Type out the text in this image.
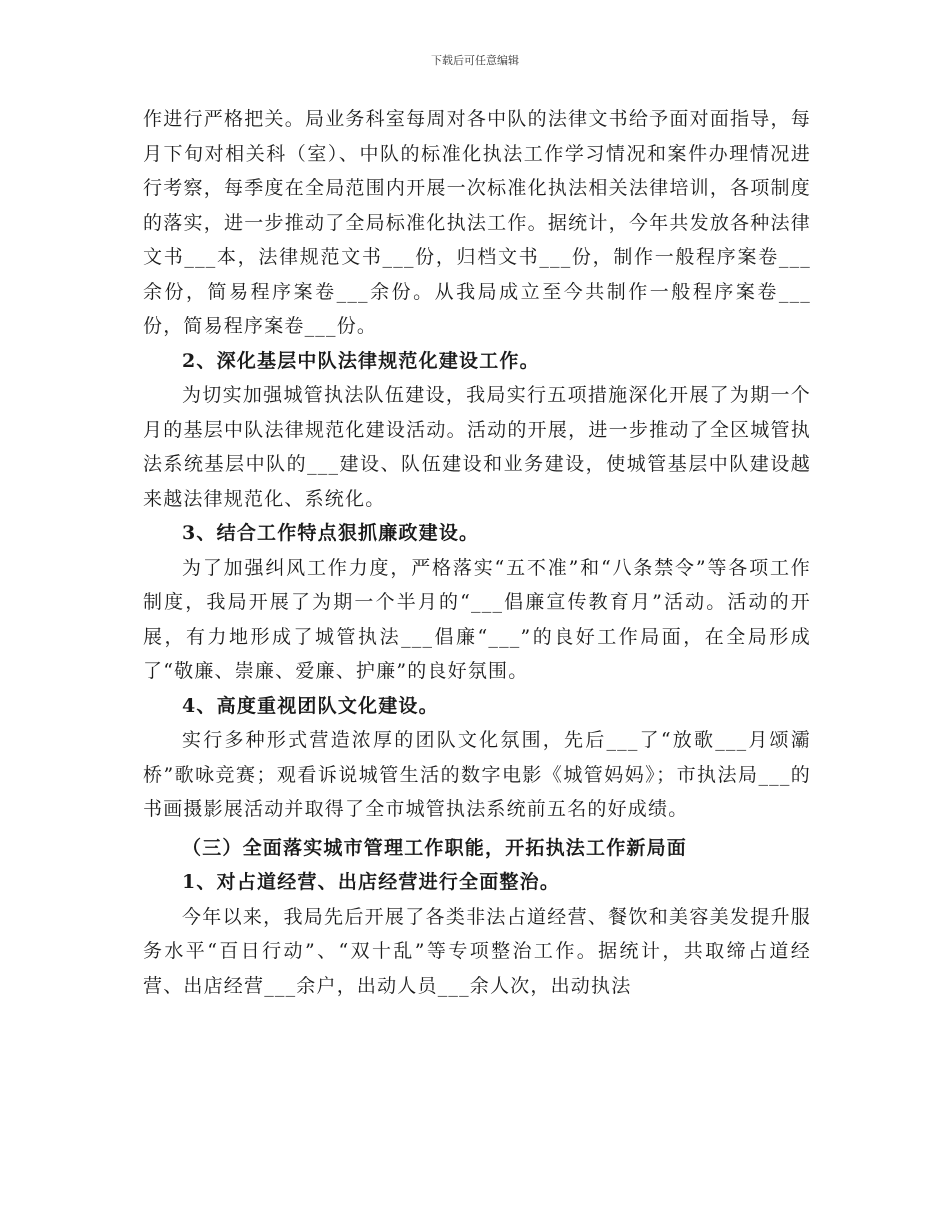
下载后可任意编辑

作进行严格把关。局业务科室每周对各中队的法律文书给予面对面指导，每月下旬对相关科（室）、中队的标准化执法工作学习情况和案件办理情况进行考察，每季度在全局范围内开展一次标准化执法相关法律培训，各项制度的落实，进一步推动了全局标准化执法工作。据统计，今年共发放各种法律文书___本，法律规范文书___份，归档文书___份，制作一般程序案卷___余份，简易程序案卷___余份。从我局成立至今共制作一般程序案卷___份，简易程序案卷___份。

2、深化基层中队法律规范化建设工作。

为切实加强城管执法队伍建设，我局实行五项措施深化开展了为期一个月的基层中队法律规范化建设活动。活动的开展，进一步推动了全区城管执法系统基层中队的___建设、队伍建设和业务建设，使城管基层中队建设越来越法律规范化、系统化。

3、结合工作特点狠抓廉政建设。

为了加强纠风工作力度，严格落实“五不准”和“八条禁令”等各项工作制度，我局开展了为期一个半月的“___倡廉宣传教育月”活动。活动的开展，有力地形成了城管执法___倡廉“___”的良好工作局面，在全局形成了“敬廉、崇廉、爱廉、护廉”的良好氛围。

4、高度重视团队文化建设。

实行多种形式营造浓厚的团队文化氛围，先后___了“放歌___月颂灞桥”歌咏竞赛；观看诉说城管生活的数字电影《城管妈妈》；市执法局___的书画摄影展活动并取得了全市城管执法系统前五名的好成绩。

（三）全面落实城市管理工作职能，开拓执法工作新局面

1、对占道经营、出店经营进行全面整治。

今年以来，我局先后开展了各类非法占道经营、餐饮和美容美发提升服务水平“百日行动”、“双十乱”等专项整治工作。据统计，共取缔占道经营、出店经营___余户，出动人员___余人次，出动执法
